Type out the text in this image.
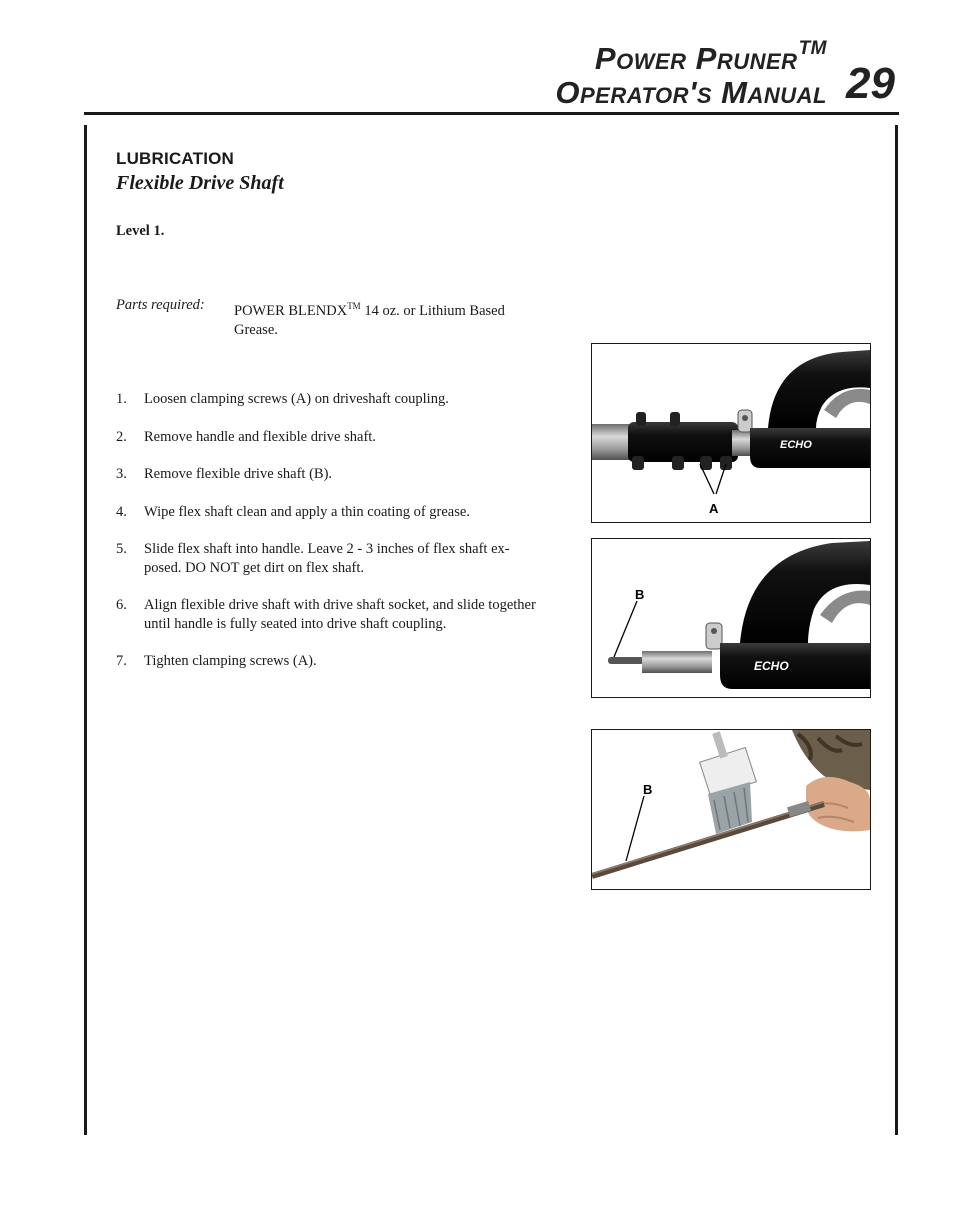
Power Pruner™
Operator's Manual 29
LUBRICATION
Flexible Drive Shaft
Level 1.
Parts required: POWER BLENDX™ 14 oz. or Lithium Based
Grease.
1. Loosen clamping screws (A) on driveshaft coupling.
2. Remove handle and flexible drive shaft.
3. Remove flexible drive shaft (B).
4. Wipe flex shaft clean and apply a thin coating of grease.
5. Slide flex shaft into handle. Leave 2 - 3 inches of flex shaft ex-
posed. DO NOT get dirt on flex shaft.
6. Align flexible drive shaft with drive shaft socket, and slide together
until handle is fully seated into drive shaft coupling.
7. Tighten clamping screws (A).
ECHO
A
ECHO
B
B
